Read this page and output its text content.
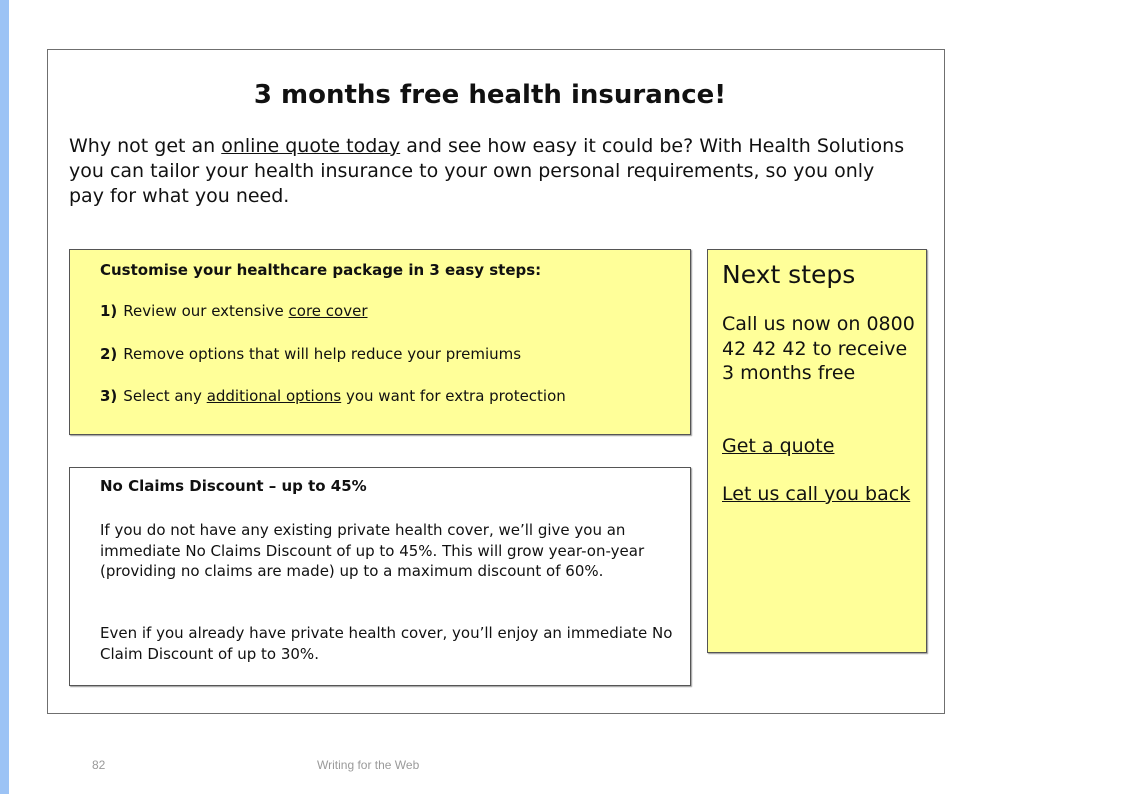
3 months free health insurance!

Why not get an online quote today and see how easy it could be? With Health Solutions you can tailor your health insurance to your own personal requirements, so you only pay for what you need.

Customise your healthcare package in 3 easy steps:

1) Review our extensive core cover

2) Remove options that will help reduce your premiums

3) Select any additional options you want for extra protection

No Claims Discount – up to 45%

If you do not have any existing private health cover, we’ll give you an immediate No Claims Discount of up to 45%. This will grow year-on-year (providing no claims are made) up to a maximum discount of 60%.

Even if you already have private health cover, you’ll enjoy an immediate No Claim Discount of up to 30%.

Next steps

Call us now on 0800 42 42 42 to receive 3 months free

Get a quote

Let us call you back

82	Writing for the Web
